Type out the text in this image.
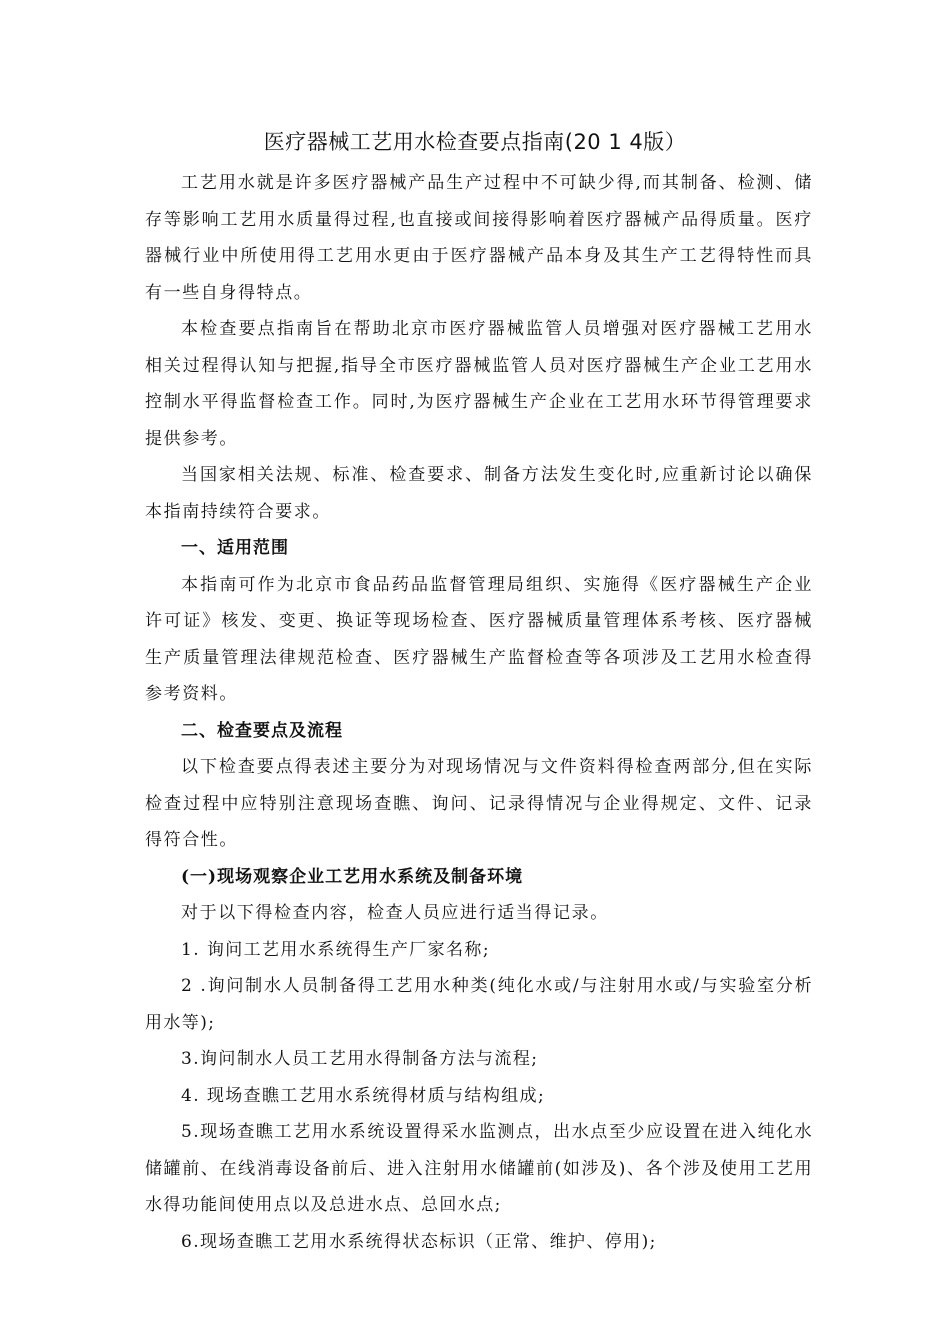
医疗器械工艺用水检查要点指南(20 1 4版）

工艺用水就是许多医疗器械产品生产过程中不可缺少得,而其制备、检测、储存等影响工艺用水质量得过程,也直接或间接得影响着医疗器械产品得质量。医疗器械行业中所使用得工艺用水更由于医疗器械产品本身及其生产工艺得特性而具有一些自身得特点。

本检查要点指南旨在帮助北京市医疗器械监管人员增强对医疗器械工艺用水相关过程得认知与把握,指导全市医疗器械监管人员对医疗器械生产企业工艺用水控制水平得监督检查工作。同时,为医疗器械生产企业在工艺用水环节得管理要求提供参考。

当国家相关法规、标准、检查要求、制备方法发生变化时,应重新讨论以确保本指南持续符合要求。

一、适用范围

本指南可作为北京市食品药品监督管理局组织、实施得《医疗器械生产企业许可证》核发、变更、换证等现场检查、医疗器械质量管理体系考核、医疗器械生产质量管理法律规范检查、医疗器械生产监督检查等各项涉及工艺用水检查得参考资料。

二、检查要点及流程

以下检查要点得表述主要分为对现场情况与文件资料得检查两部分,但在实际检查过程中应特别注意现场查瞧、询问、记录得情况与企业得规定、文件、记录得符合性。

(一)现场观察企业工艺用水系统及制备环境

对于以下得检查内容，检查人员应进行适当得记录。

1. 询问工艺用水系统得生产厂家名称;

2 .询问制水人员制备得工艺用水种类(纯化水或/与注射用水或/与实验室分析用水等);

3.询问制水人员工艺用水得制备方法与流程;

4. 现场查瞧工艺用水系统得材质与结构组成;

5.现场查瞧工艺用水系统设置得采水监测点，出水点至少应设置在进入纯化水储罐前、在线消毒设备前后、进入注射用水储罐前(如涉及)、各个涉及使用工艺用水得功能间使用点以及总进水点、总回水点;

6.现场查瞧工艺用水系统得状态标识（正常、维护、停用);
